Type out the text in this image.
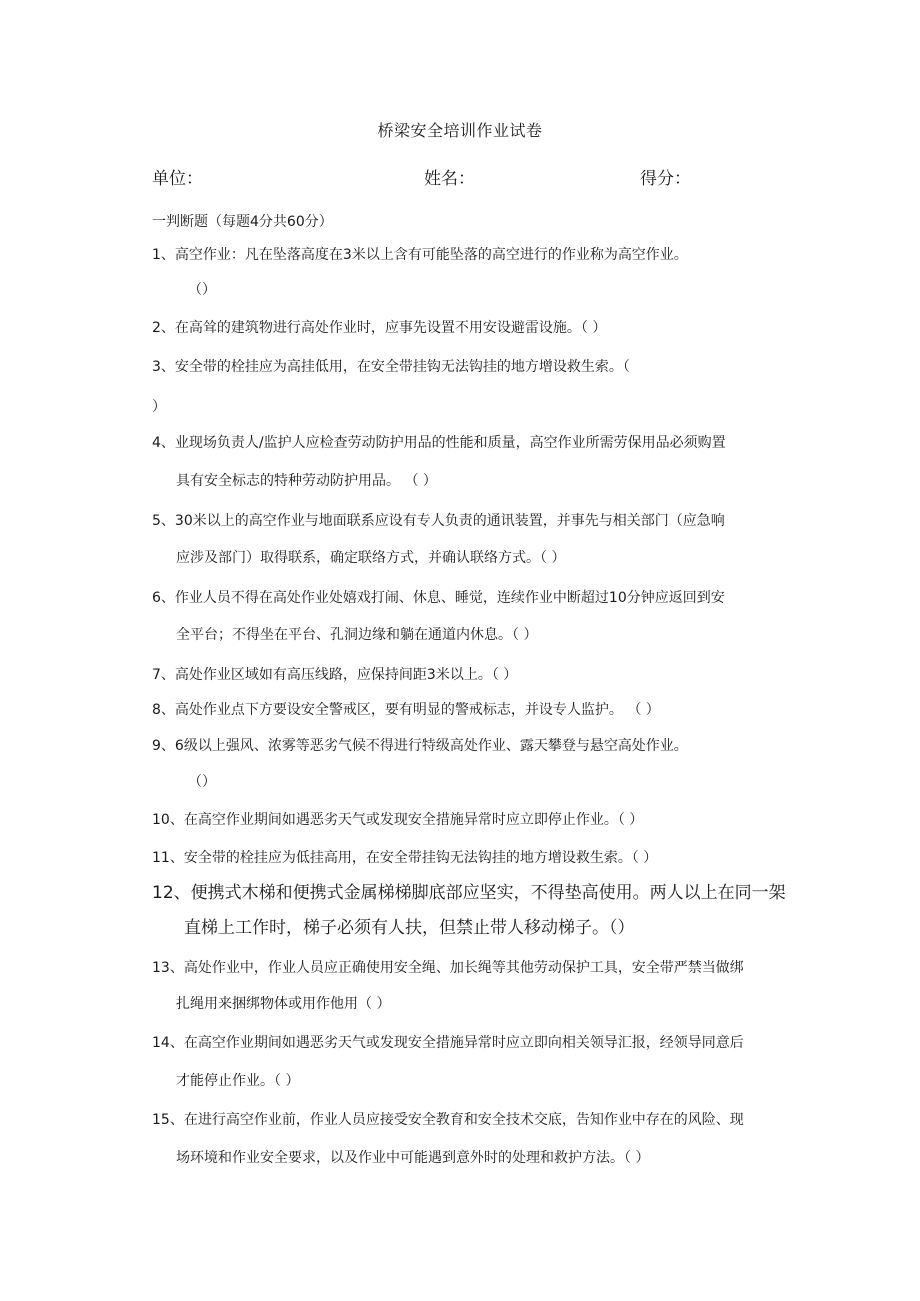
桥梁安全培训作业试卷
单位：	姓名：	得分：
一判断题（每题4分共60分）
1、高空作业：凡在坠落高度在3米以上含有可能坠落的高空进行的作业称为高空作业。
（）
2、在高耸的建筑物进行高处作业时，应事先设置不用安设避雷设施。（ ）
3、安全带的栓挂应为高挂低用，在安全带挂钩无法钩挂的地方增设救生索。（
）
4、业现场负责人/监护人应检查劳动防护用品的性能和质量，高空作业所需劳保用品必须购置
具有安全标志的特种劳动防护用品。 （ ）
5、30米以上的高空作业与地面联系应设有专人负责的通讯装置，并事先与相关部门（应急响
应涉及部门）取得联系，确定联络方式，并确认联络方式。（ ）
6、作业人员不得在高处作业处嬉戏打闹、休息、睡觉，连续作业中断超过10分钟应返回到安
全平台；不得坐在平台、孔洞边缘和躺在通道内休息。（ ）
7、高处作业区域如有高压线路，应保持间距3米以上。（ ）
8、高处作业点下方要设安全警戒区，要有明显的警戒标志，并设专人监护。 （ ）
9、6级以上强风、浓雾等恶劣气候不得进行特级高处作业、露天攀登与悬空高处作业。
（）
10、在高空作业期间如遇恶劣天气或发现安全措施异常时应立即停止作业。（ ）
11、安全带的栓挂应为低挂高用，在安全带挂钩无法钩挂的地方增设救生索。（ ）
12、便携式木梯和便携式金属梯梯脚底部应坚实，不得垫高使用。两人以上在同一架
直梯上工作时，梯子必须有人扶，但禁止带人移动梯子。（）
13、高处作业中，作业人员应正确使用安全绳、加长绳等其他劳动保护工具，安全带严禁当做绑
扎绳用来捆绑物体或用作他用（ ）
14、在高空作业期间如遇恶劣天气或发现安全措施异常时应立即向相关领导汇报，经领导同意后
才能停止作业。（ ）
15、在进行高空作业前，作业人员应接受安全教育和安全技术交底，告知作业中存在的风险、现
场环境和作业安全要求，以及作业中可能遇到意外时的处理和救护方法。（ ）
